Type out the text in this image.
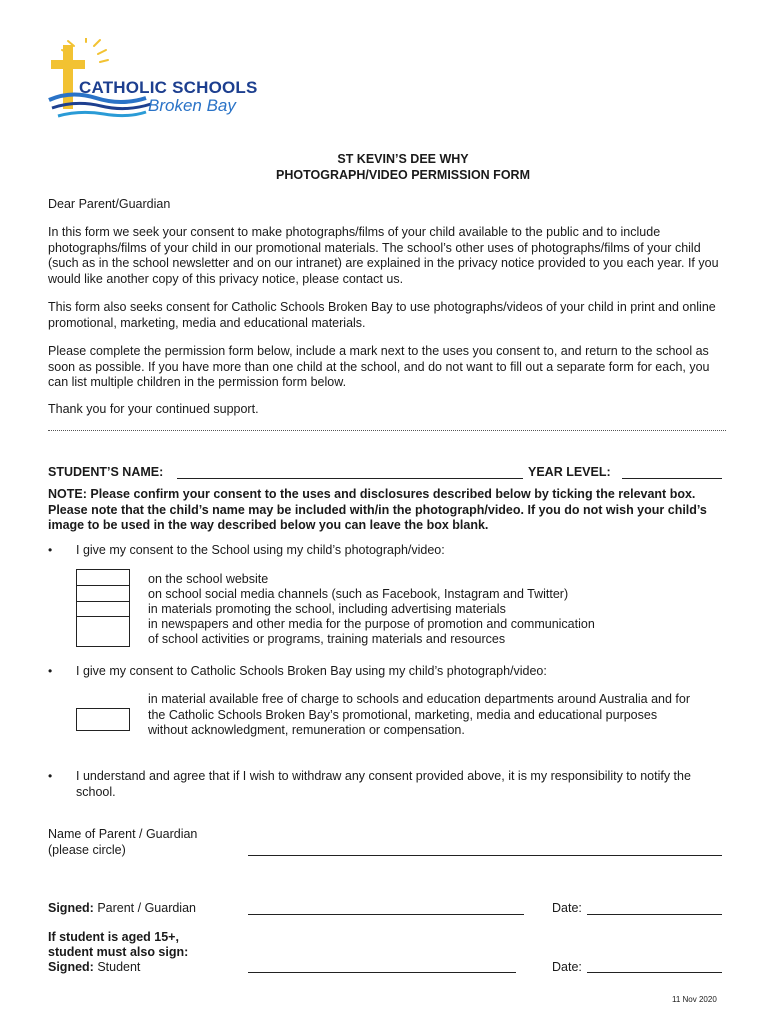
CATHOLIC SCHOOLS
Broken Bay
ST KEVIN’S DEE WHY
PHOTOGRAPH/VIDEO PERMISSION FORM
Dear Parent/Guardian
In this form we seek your consent to make photographs/films of your child available to the public and to include photographs/films of your child in our promotional materials. The school’s other uses of photographs/films of your child (such as in the school newsletter and on our intranet) are explained in the privacy notice provided to you each year. If you would like another copy of this privacy notice, please contact us.
This form also seeks consent for Catholic Schools Broken Bay to use photographs/videos of your child in print and online promotional, marketing, media and educational materials.
Please complete the permission form below, include a mark next to the uses you consent to, and return to the school as soon as possible. If you have more than one child at the school, and do not want to fill out a separate form for each, you can list multiple children in the permission form below.
Thank you for your continued support.
STUDENT’S NAME:	YEAR LEVEL:
NOTE: Please confirm your consent to the uses and disclosures described below by ticking the relevant box. Please note that the child’s name may be included with/in the photograph/video. If you do not wish your child’s image to be used in the way described below you can leave the box blank.
• I give my consent to the School using my child’s photograph/video:
on the school website
on school social media channels (such as Facebook, Instagram and Twitter)
in materials promoting the school, including advertising materials
in newspapers and other media for the purpose of promotion and communication
of school activities or programs, training materials and resources
• I give my consent to Catholic Schools Broken Bay using my child’s photograph/video:
in material available free of charge to schools and education departments around Australia and for the Catholic Schools Broken Bay’s promotional, marketing, media and educational purposes without acknowledgment, remuneration or compensation.
• I understand and agree that if I wish to withdraw any consent provided above, it is my responsibility to notify the school.
Name of Parent / Guardian
(please circle)
Signed: Parent / Guardian	Date:
If student is aged 15+,
student must also sign:
Signed: Student	Date:
11 Nov 2020
